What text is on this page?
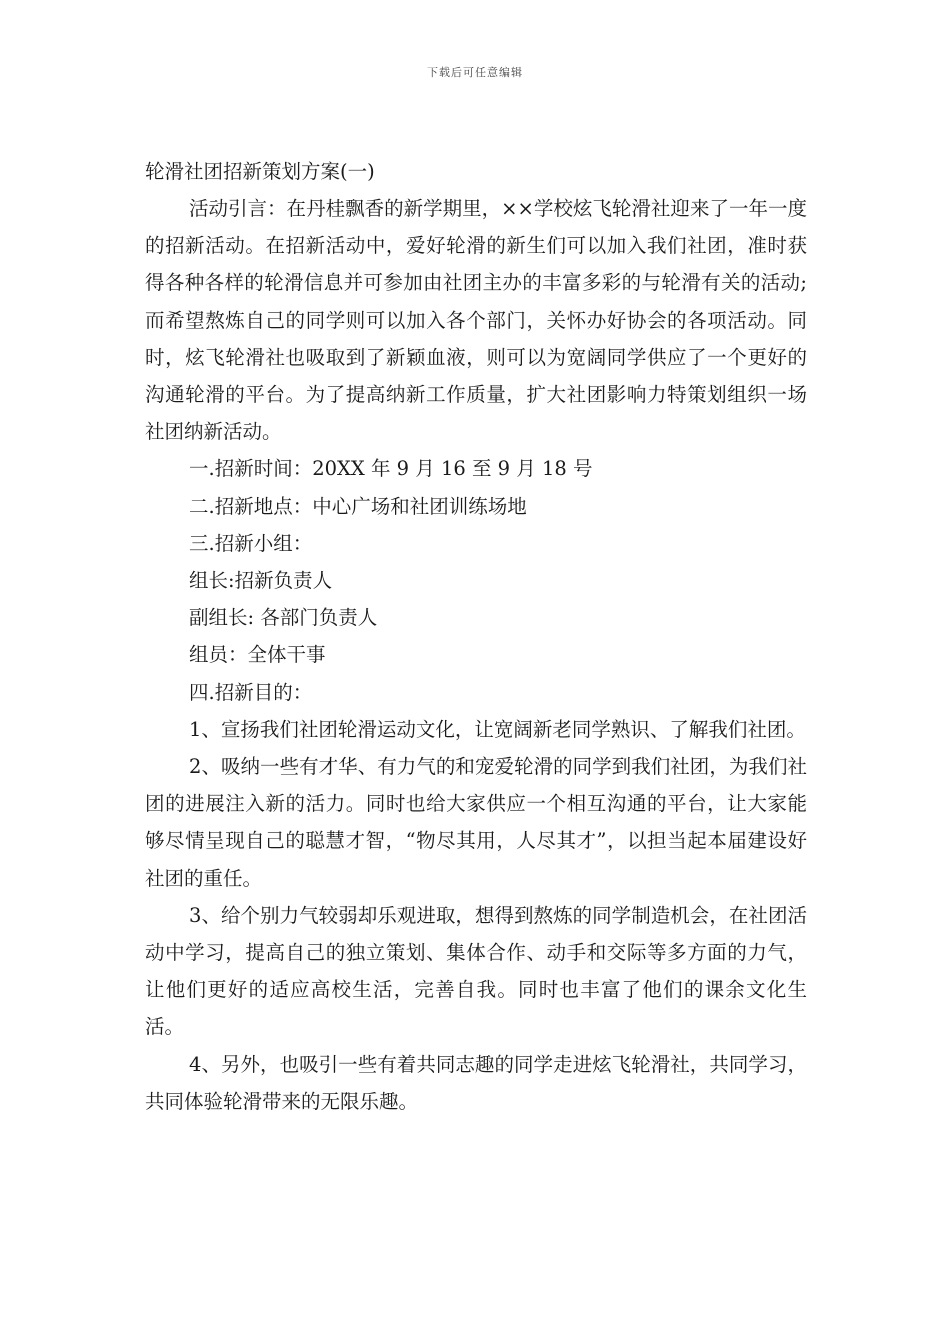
下载后可任意编辑

轮滑社团招新策划方案(一)

活动引言：在丹桂飘香的新学期里，××学校炫飞轮滑社迎来了一年一度的招新活动。在招新活动中，爱好轮滑的新生们可以加入我们社团，准时获得各种各样的轮滑信息并可参加由社团主办的丰富多彩的与轮滑有关的活动;而希望熬炼自己的同学则可以加入各个部门，关怀办好协会的各项活动。同时，炫飞轮滑社也吸取到了新颖血液，则可以为宽阔同学供应了一个更好的沟通轮滑的平台。为了提高纳新工作质量，扩大社团影响力特策划组织一场社团纳新活动。

一.招新时间：20XX 年 9 月 16 至 9 月 18 号

二.招新地点：中心广场和社团训练场地

三.招新小组：

组长:招新负责人

副组长: 各部门负责人

组员：全体干事

四.招新目的：

1、宣扬我们社团轮滑运动文化，让宽阔新老同学熟识、了解我们社团。

2、吸纳一些有才华、有力气的和宠爱轮滑的同学到我们社团，为我们社团的进展注入新的活力。同时也给大家供应一个相互沟通的平台，让大家能够尽情呈现自己的聪慧才智，“物尽其用，人尽其才”，以担当起本届建设好社团的重任。

3、给个别力气较弱却乐观进取，想得到熬炼的同学制造机会，在社团活动中学习，提高自己的独立策划、集体合作、动手和交际等多方面的力气，让他们更好的适应高校生活，完善自我。同时也丰富了他们的课余文化生活。

4、另外，也吸引一些有着共同志趣的同学走进炫飞轮滑社，共同学习，共同体验轮滑带来的无限乐趣。
